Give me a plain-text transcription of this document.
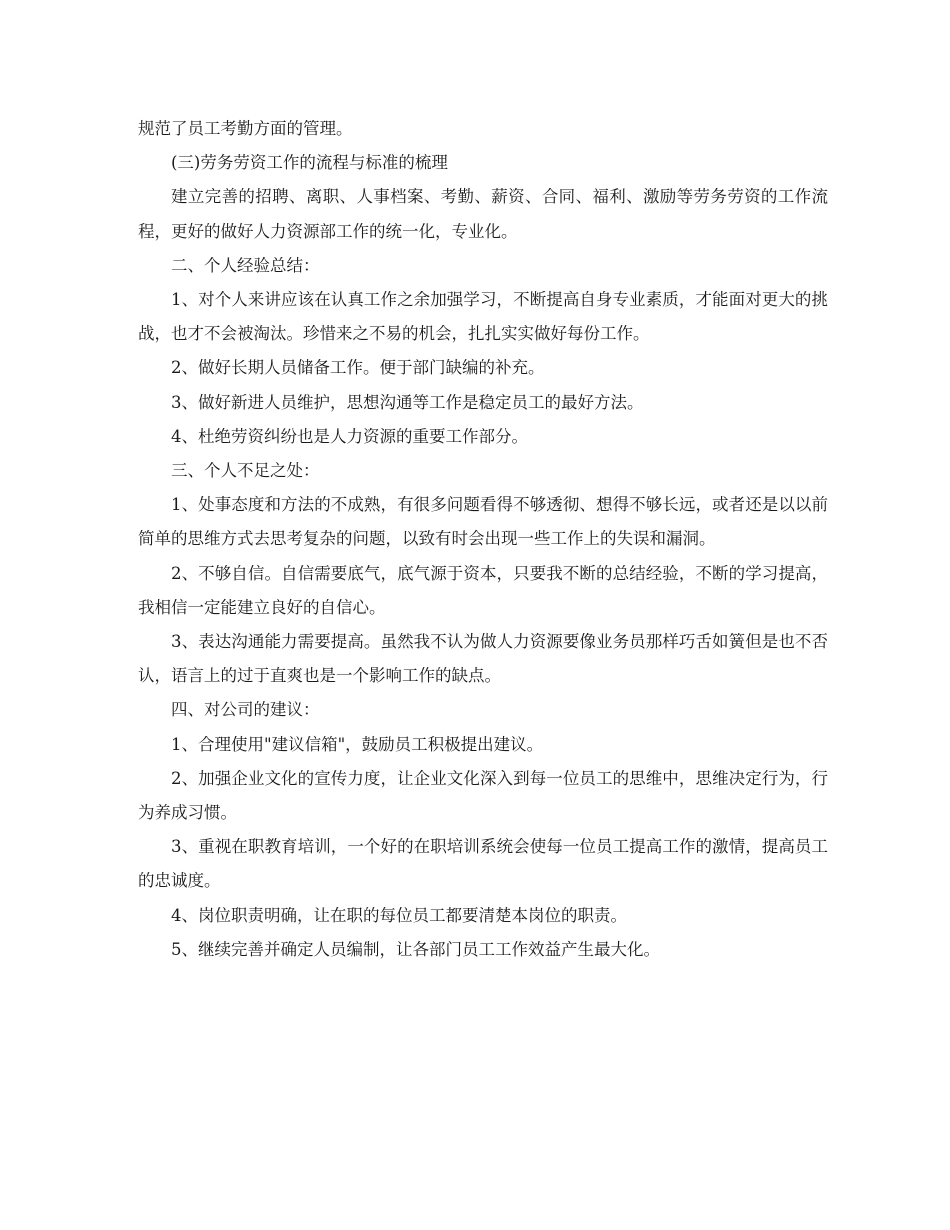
规范了员工考勤方面的管理。

(三)劳务劳资工作的流程与标准的梳理

建立完善的招聘、离职、人事档案、考勤、薪资、合同、福利、激励等劳务劳资的工作流程，更好的做好人力资源部工作的统一化，专业化。

二、个人经验总结：

1、对个人来讲应该在认真工作之余加强学习，不断提高自身专业素质，才能面对更大的挑战，也才不会被淘汰。珍惜来之不易的机会，扎扎实实做好每份工作。

2、做好长期人员储备工作。便于部门缺编的补充。

3、做好新进人员维护，思想沟通等工作是稳定员工的最好方法。

4、杜绝劳资纠纷也是人力资源的重要工作部分。

三、个人不足之处：

1、处事态度和方法的不成熟，有很多问题看得不够透彻、想得不够长远，或者还是以以前简单的思维方式去思考复杂的问题，以致有时会出现一些工作上的失误和漏洞。

2、不够自信。自信需要底气，底气源于资本，只要我不断的总结经验，不断的学习提高，我相信一定能建立良好的自信心。

3、表达沟通能力需要提高。虽然我不认为做人力资源要像业务员那样巧舌如簧但是也不否认，语言上的过于直爽也是一个影响工作的缺点。

四、对公司的建议：

1、合理使用"建议信箱"，鼓励员工积极提出建议。

2、加强企业文化的宣传力度，让企业文化深入到每一位员工的思维中，思维决定行为，行为养成习惯。

3、重视在职教育培训，一个好的在职培训系统会使每一位员工提高工作的激情，提高员工的忠诚度。

4、岗位职责明确，让在职的每位员工都要清楚本岗位的职责。

5、继续完善并确定人员编制，让各部门员工工作效益产生最大化。
